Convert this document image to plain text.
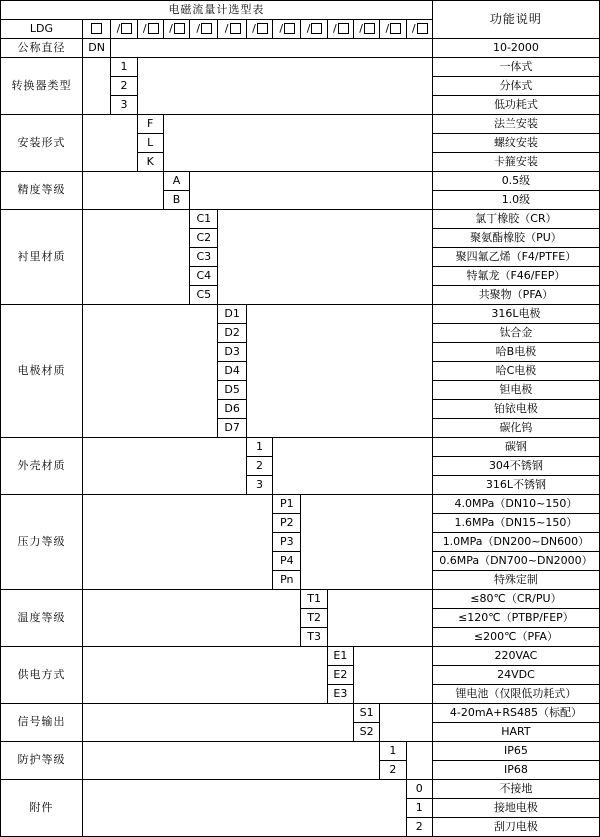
电磁流量计选型表														功能说明
LDG		/	/	/	/	/	/	/	/	/	/	/	/	
公称直径	DN													10-2000
转换器类型		1												一体式
		2												分体式
		3												低功耗式
安装形式			F											法兰安装
			L											螺纹安装
			K											卡箍安装
精度等级				A										0.5级
				B										1.0级
衬里材质					C1									氯丁橡胶（CR）
					C2									聚氨酯橡胶（PU）
					C3									聚四氟乙烯（F4/PTFE）
					C4									特氟龙（F46/FEP）
					C5									共聚物（PFA）
电极材质						D1								316L电极
						D2								钛合金
						D3								哈B电极
						D4								哈C电极
						D5								钽电极
						D6								铂铱电极
						D7								碳化钨
外壳材质							1							碳钢
							2							304不锈钢
							3							316L不锈钢
压力等级								P1						4.0MPa（DN10~150）
								P2						1.6MPa（DN15~150）
								P3						1.0MPa（DN200~DN600）
								P4						0.6MPa（DN700~DN2000）
								Pn						特殊定制
温度等级									T1					≤80℃（CR/PU）
									T2					≤120℃（PTBP/FEP）
									T3					≤200℃（PFA）
供电方式										E1				220VAC
										E2				24VDC
										E3				锂电池（仅限低功耗式）
信号输出											S1			4-20mA+RS485（标配）
											S2			HART
防护等级												1		IP65
												2		IP68
附件													0	不接地
													1	接地电极
													2	刮刀电极
